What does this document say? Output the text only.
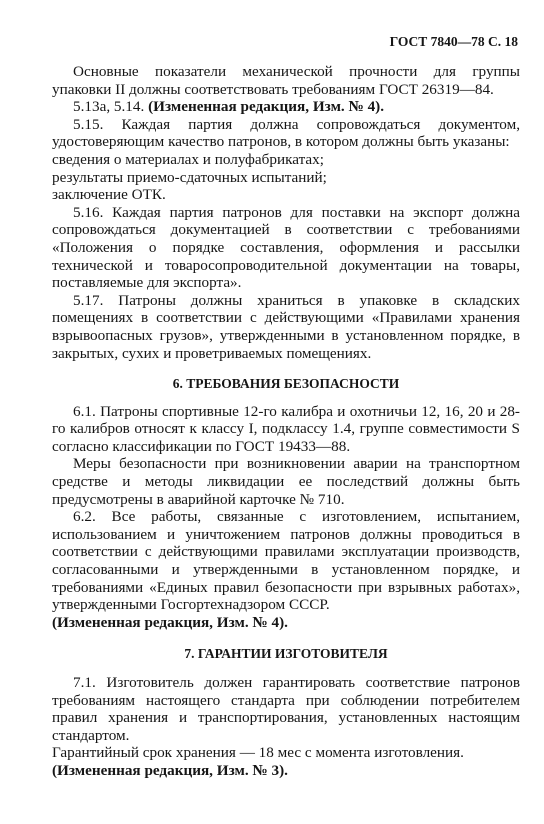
ГОСТ 7840—78 С. 18

Основные показатели механической прочности для группы упаковки II должны соответствовать требованиям ГОСТ 26319—84.

5.13а, 5.14. (Измененная редакция, Изм. № 4).

5.15. Каждая партия должна сопровождаться документом, удостоверяющим качество патронов, в котором должны быть указаны:

сведения о материалах и полуфабрикатах;

результаты приемо-сдаточных испытаний;

заключение ОТК.

5.16. Каждая партия патронов для поставки на экспорт должна сопровождаться документацией в соответствии с требованиями «Положения о порядке составления, оформления и рассылки технической и товаросопроводительной документации на товары, поставляемые для экспорта».

5.17. Патроны должны храниться в упаковке в складских помещениях в соответствии с действующими «Правилами хранения взрывоопасных грузов», утвержденными в установленном порядке, в закрытых, сухих и проветриваемых помещениях.

6. ТРЕБОВАНИЯ БЕЗОПАСНОСТИ

6.1. Патроны спортивные 12-го калибра и охотничьи 12, 16, 20 и 28-го калибров относят к классу I, подклассу 1.4, группе совместимости S согласно классификации по ГОСТ 19433—88.

Меры безопасности при возникновении аварии на транспортном средстве и методы ликвидации ее последствий должны быть предусмотрены в аварийной карточке № 710.

6.2. Все работы, связанные с изготовлением, испытанием, использованием и уничтожением патронов должны проводиться в соответствии с действующими правилами эксплуатации производств, согласованными и утвержденными в установленном порядке, и требованиями «Единых правил безопасности при взрывных работах», утвержденными Госгортехнадзором СССР.

(Измененная редакция, Изм. № 4).

7. ГАРАНТИИ ИЗГОТОВИТЕЛЯ

7.1. Изготовитель должен гарантировать соответствие патронов требованиям настоящего стандарта при соблюдении потребителем правил хранения и транспортирования, установленных настоящим стандартом.

Гарантийный срок хранения — 18 мес с момента изготовления.

(Измененная редакция, Изм. № 3).
